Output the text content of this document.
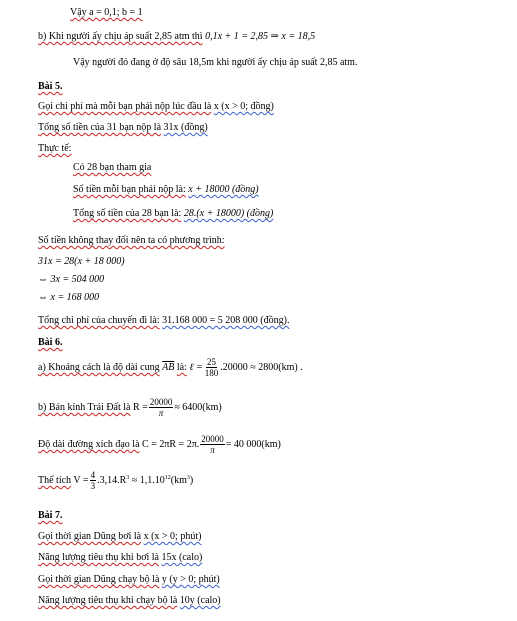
Vậy a = 0,1; b = 1
b) Khi người ấy chịu áp suất 2,85 atm thì 0,1x + 1 = 2,85 ⇒ x = 18,5
Vậy người đó đang ở độ sâu 18,5m khi người ấy chịu áp suất 2,85 atm.
Bài 5.
Gọi chi phí mà mỗi bạn phải nộp lúc đầu là x (x > 0; đồng)
Tổng số tiền của 31 bạn nộp là 31x (đồng)
Thực tế:
Có 28 bạn tham gia
Số tiền mỗi bạn phải nộp là: x + 18000 (đồng)
Tổng số tiền của 28 bạn là: 28.(x + 18000) (đồng)
Số tiền không thay đổi nên ta có phương trình:
31x = 28(x + 18 000)
⇔ 3x = 504 000
⇔ x = 168 000
Tổng chi phí của chuyến đi là: 31.168 000 = 5 208 000 (đồng).
Bài 6.
a) Khoảng cách là độ dài cung $\overline{AB}$ là: ℓ = $\frac{25}{180} .20000 \approx 2800(km)$ .
b) Bán kính Trái Đất là $R = \frac{20000}{\pi} \approx 6400(km)$
Độ dài đường xích đạo là C = 2πR = 2π. $\frac{20000}{\pi} = 40$ 000(km)
Thể tích $V = \frac{4}{3} .3,14.R^3 \approx 1,1.10^{12}(km^3)$
Bài 7.
Gọi thời gian Dũng bơi là x (x > 0; phút)
Năng lượng tiêu thụ khi bơi là 15x (calo)
Gọi thời gian Dũng chạy bộ là y (y > 0; phút)
Năng lượng tiêu thụ khi chạy bộ là 10y (calo)
